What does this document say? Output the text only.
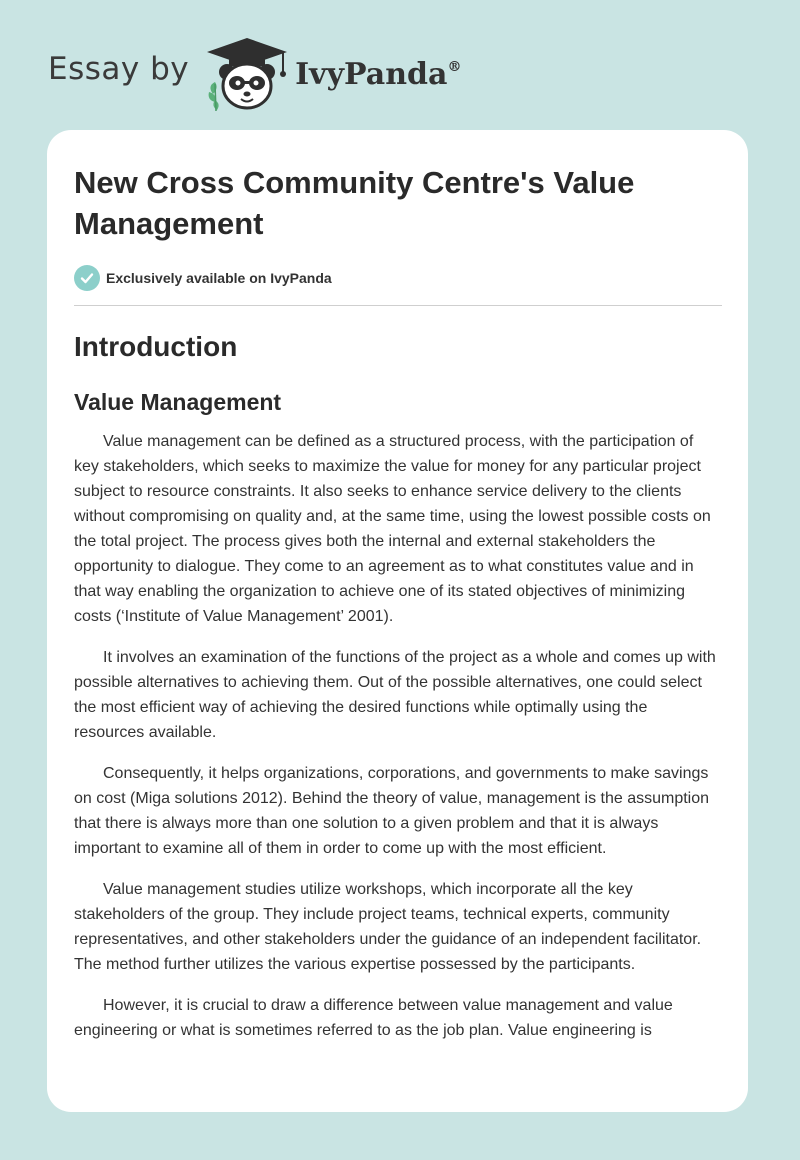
Essay by	IvyPanda®
New Cross Community Centre's Value Management
Exclusively available on IvyPanda
Introduction
Value Management

Value management can be defined as a structured process, with the participation of key stakeholders, which seeks to maximize the value for money for any particular project subject to resource constraints. It also seeks to enhance service delivery to the clients without compromising on quality and, at the same time, using the lowest possible costs on the total project. The process gives both the internal and external stakeholders the opportunity to dialogue. They come to an agreement as to what constitutes value and in that way enabling the organization to achieve one of its stated objectives of minimizing costs (‘Institute of Value Management’ 2001).

It involves an examination of the functions of the project as a whole and comes up with possible alternatives to achieving them. Out of the possible alternatives, one could select the most efficient way of achieving the desired functions while optimally using the resources available.

Consequently, it helps organizations, corporations, and governments to make savings on cost (Miga solutions 2012). Behind the theory of value, management is the assumption that there is always more than one solution to a given problem and that it is always important to examine all of them in order to come up with the most efficient.

Value management studies utilize workshops, which incorporate all the key stakeholders of the group. They include project teams, technical experts, community representatives, and other stakeholders under the guidance of an independent facilitator. The method further utilizes the various expertise possessed by the participants.

However, it is crucial to draw a difference between value management and value engineering or what is sometimes referred to as the job plan. Value engineering is
